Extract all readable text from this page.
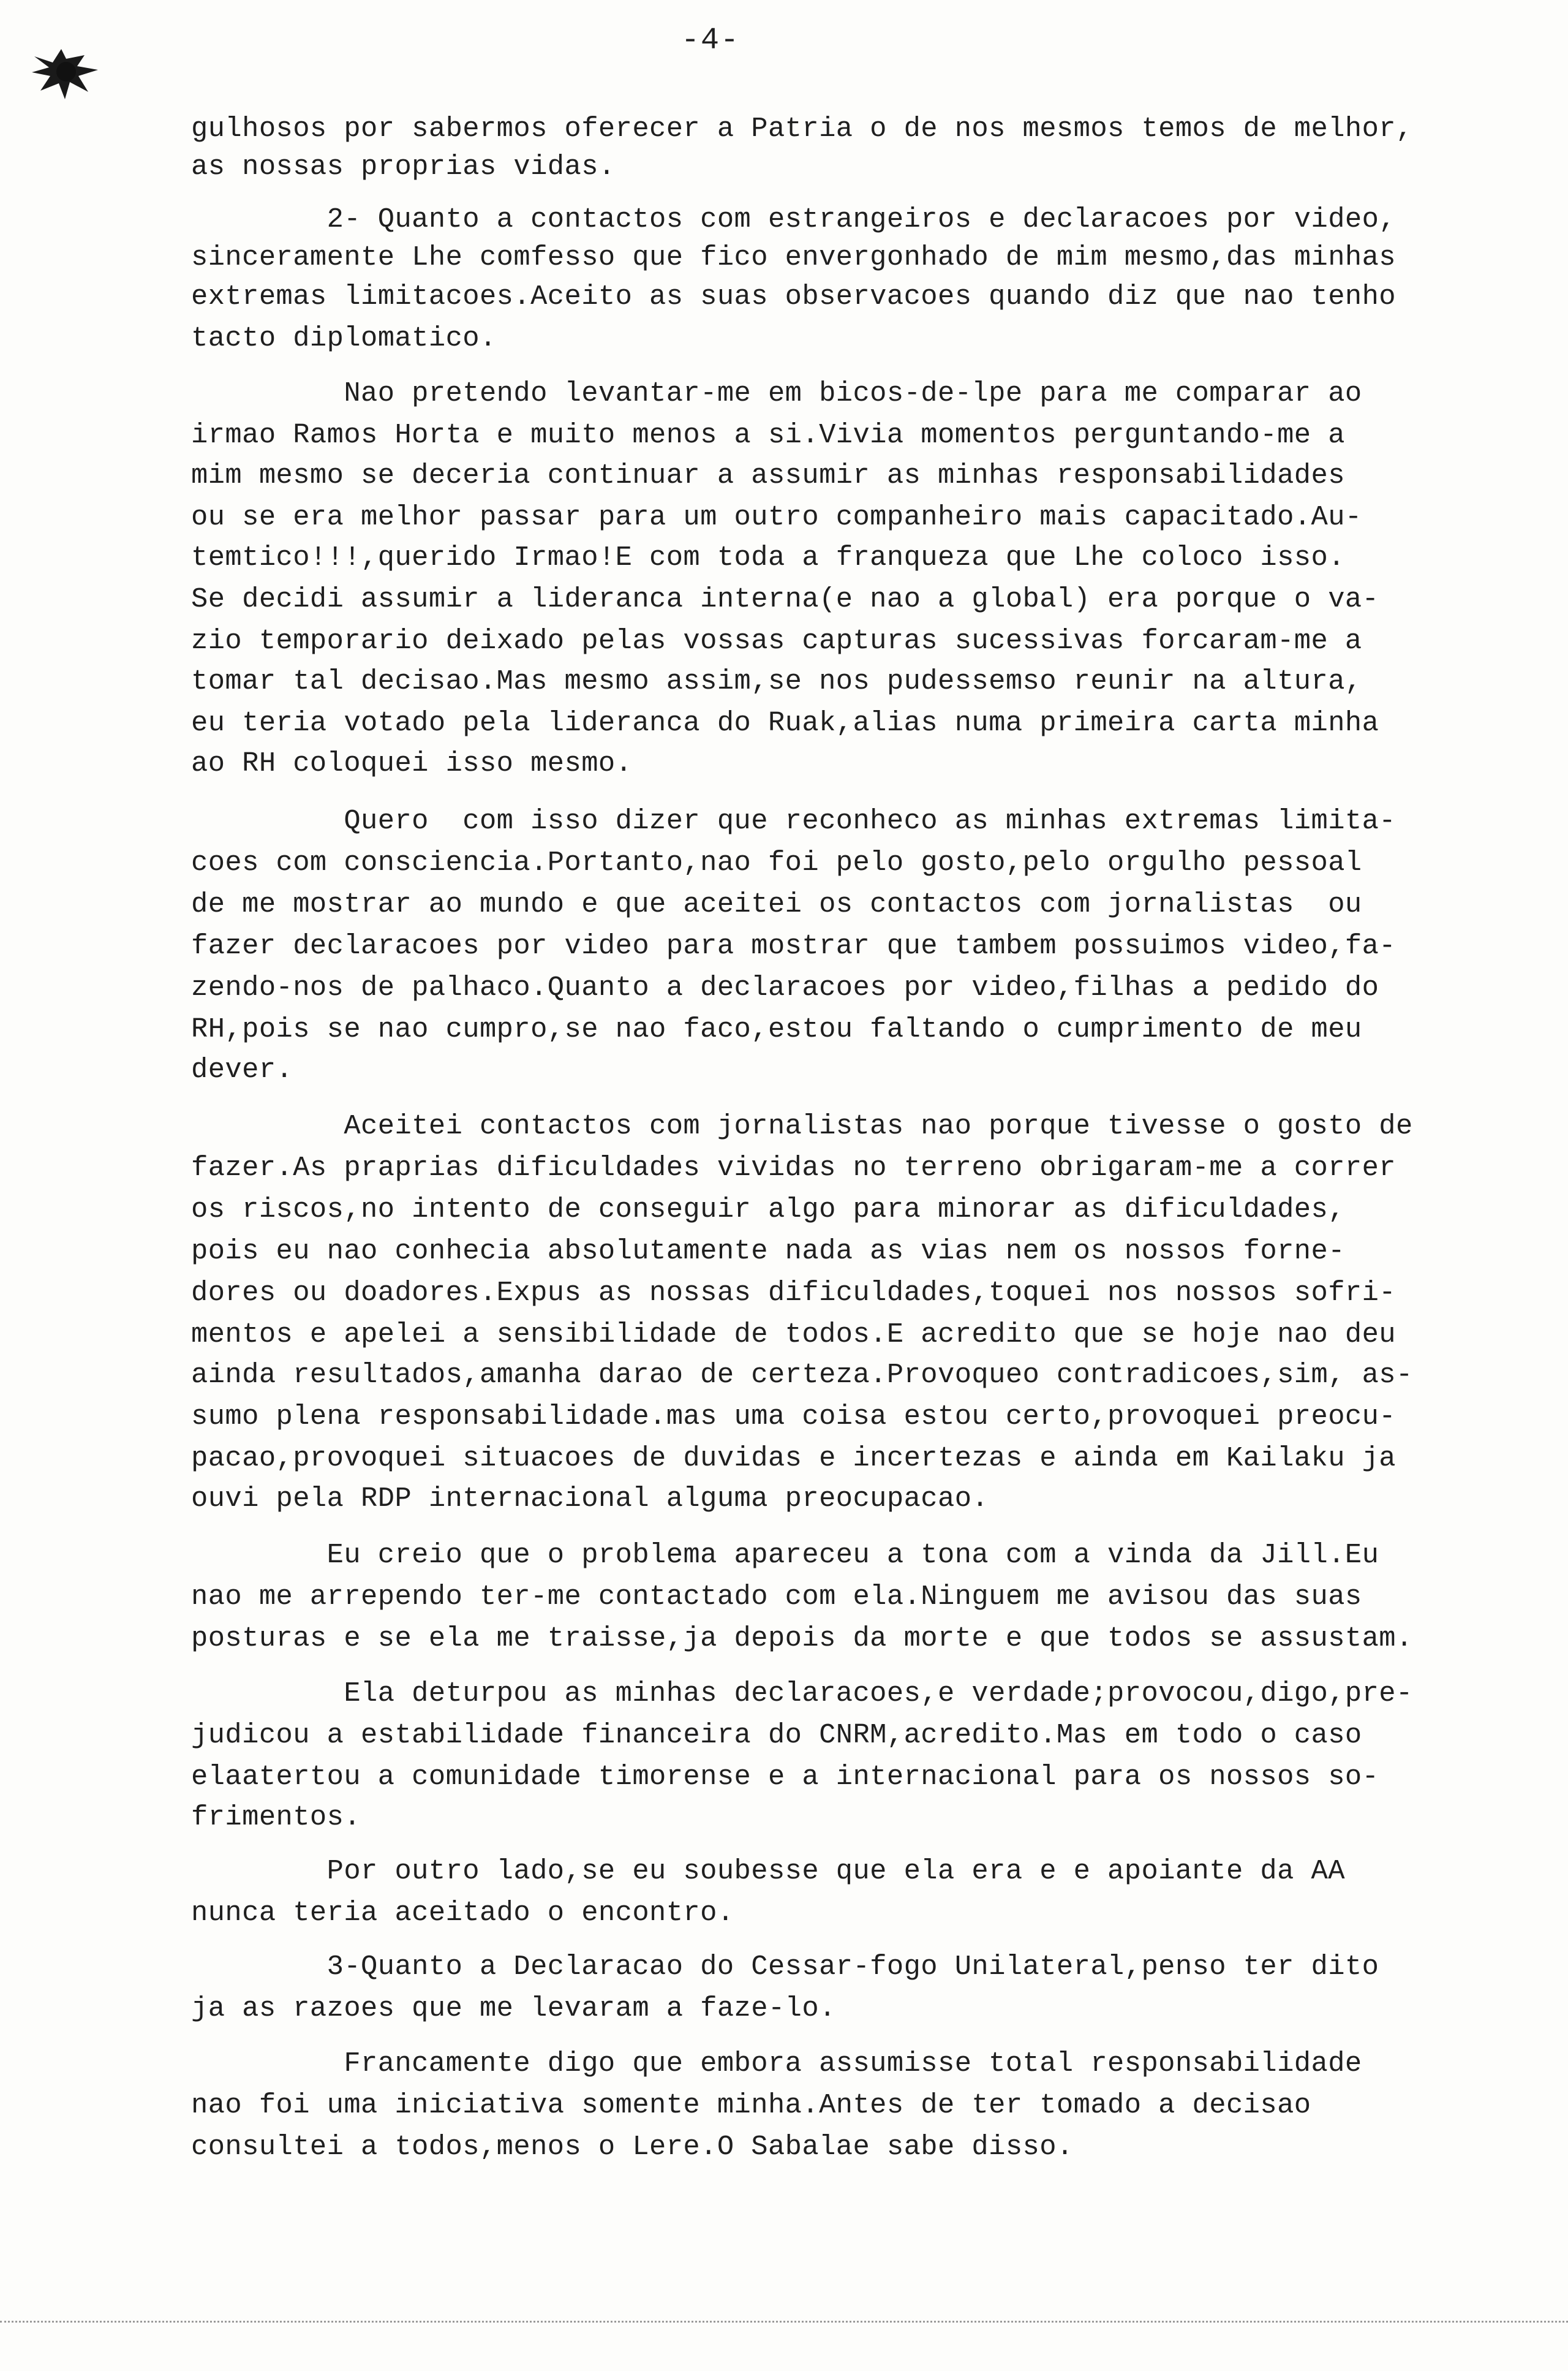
-4-
gulhosos por sabermos oferecer a Patria o de nos mesmos temos de melhor,
as nossas proprias vidas.
2- Quanto a contactos com estrangeiros e declaracoes por video,
sinceramente Lhe comfesso que fico envergonhado de mim mesmo,das minhas
extremas limitacoes.Aceito as suas observacoes quando diz que nao tenho
tacto diplomatico.
Nao pretendo levantar-me em bicos-de-lpe para me comparar ao
irmao Ramos Horta e muito menos a si.Vivia momentos perguntando-me a
mim mesmo se deceria continuar a assumir as minhas responsabilidades
ou se era melhor passar para um outro companheiro mais capacitado.Au-
temtico!!!,querido Irmao!E com toda a franqueza que Lhe coloco isso.
Se decidi assumir a lideranca interna(e nao a global) era porque o va-
zio temporario deixado pelas vossas capturas sucessivas forcaram-me a
tomar tal decisao.Mas mesmo assim,se nos pudessemso reunir na altura,
eu teria votado pela lideranca do Ruak,alias numa primeira carta minha
ao RH coloquei isso mesmo.
Quero  com isso dizer que reconheco as minhas extremas limita-
coes com consciencia.Portanto,nao foi pelo gosto,pelo orgulho pessoal
de me mostrar ao mundo e que aceitei os contactos com jornalistas  ou
fazer declaracoes por video para mostrar que tambem possuimos video,fa-
zendo-nos de palhaco.Quanto a declaracoes por video,filhas a pedido do
RH,pois se nao cumpro,se nao faco,estou faltando o cumprimento de meu
dever.
Aceitei contactos com jornalistas nao porque tivesse o gosto de
fazer.As praprias dificuldades vividas no terreno obrigaram-me a correr
os riscos,no intento de conseguir algo para minorar as dificuldades,
pois eu nao conhecia absolutamente nada as vias nem os nossos forne-
dores ou doadores.Expus as nossas dificuldades,toquei nos nossos sofri-
mentos e apelei a sensibilidade de todos.E acredito que se hoje nao deu
ainda resultados,amanha darao de certeza.Provoqueo contradicoes,sim, as-
sumo plena responsabilidade.mas uma coisa estou certo,provoquei preocu-
pacao,provoquei situacoes de duvidas e incertezas e ainda em Kailaku ja
ouvi pela RDP internacional alguma preocupacao.
Eu creio que o problema apareceu a tona com a vinda da Jill.Eu
nao me arrependo ter-me contactado com ela.Ninguem me avisou das suas
posturas e se ela me traisse,ja depois da morte e que todos se assustam.
Ela deturpou as minhas declaracoes,e verdade;provocou,digo,pre-
judicou a estabilidade financeira do CNRM,acredito.Mas em todo o caso
elaatertou a comunidade timorense e a internacional para os nossos so-
frimentos.
Por outro lado,se eu soubesse que ela era e e apoiante da AA
nunca teria aceitado o encontro.
3-Quanto a Declaracao do Cessar-fogo Unilateral,penso ter dito
ja as razoes que me levaram a faze-lo.
Francamente digo que embora assumisse total responsabilidade
nao foi uma iniciativa somente minha.Antes de ter tomado a decisao
consultei a todos,menos o Lere.O Sabalae sabe disso.
